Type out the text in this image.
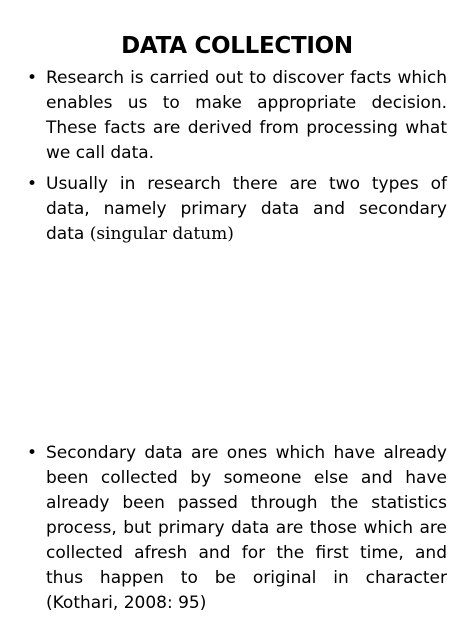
DATA COLLECTION
• Research is carried out to discover facts which enables us to make appropriate decision. These facts are derived from processing what we call data.
• Usually in research there are two types of data, namely primary data and secondary data (singular datum)
• Secondary data are ones which have already been collected by someone else and have already been passed through the statistics process, but primary data are those which are collected afresh and for the first time, and thus happen to be original in character (Kothari, 2008: 95)
